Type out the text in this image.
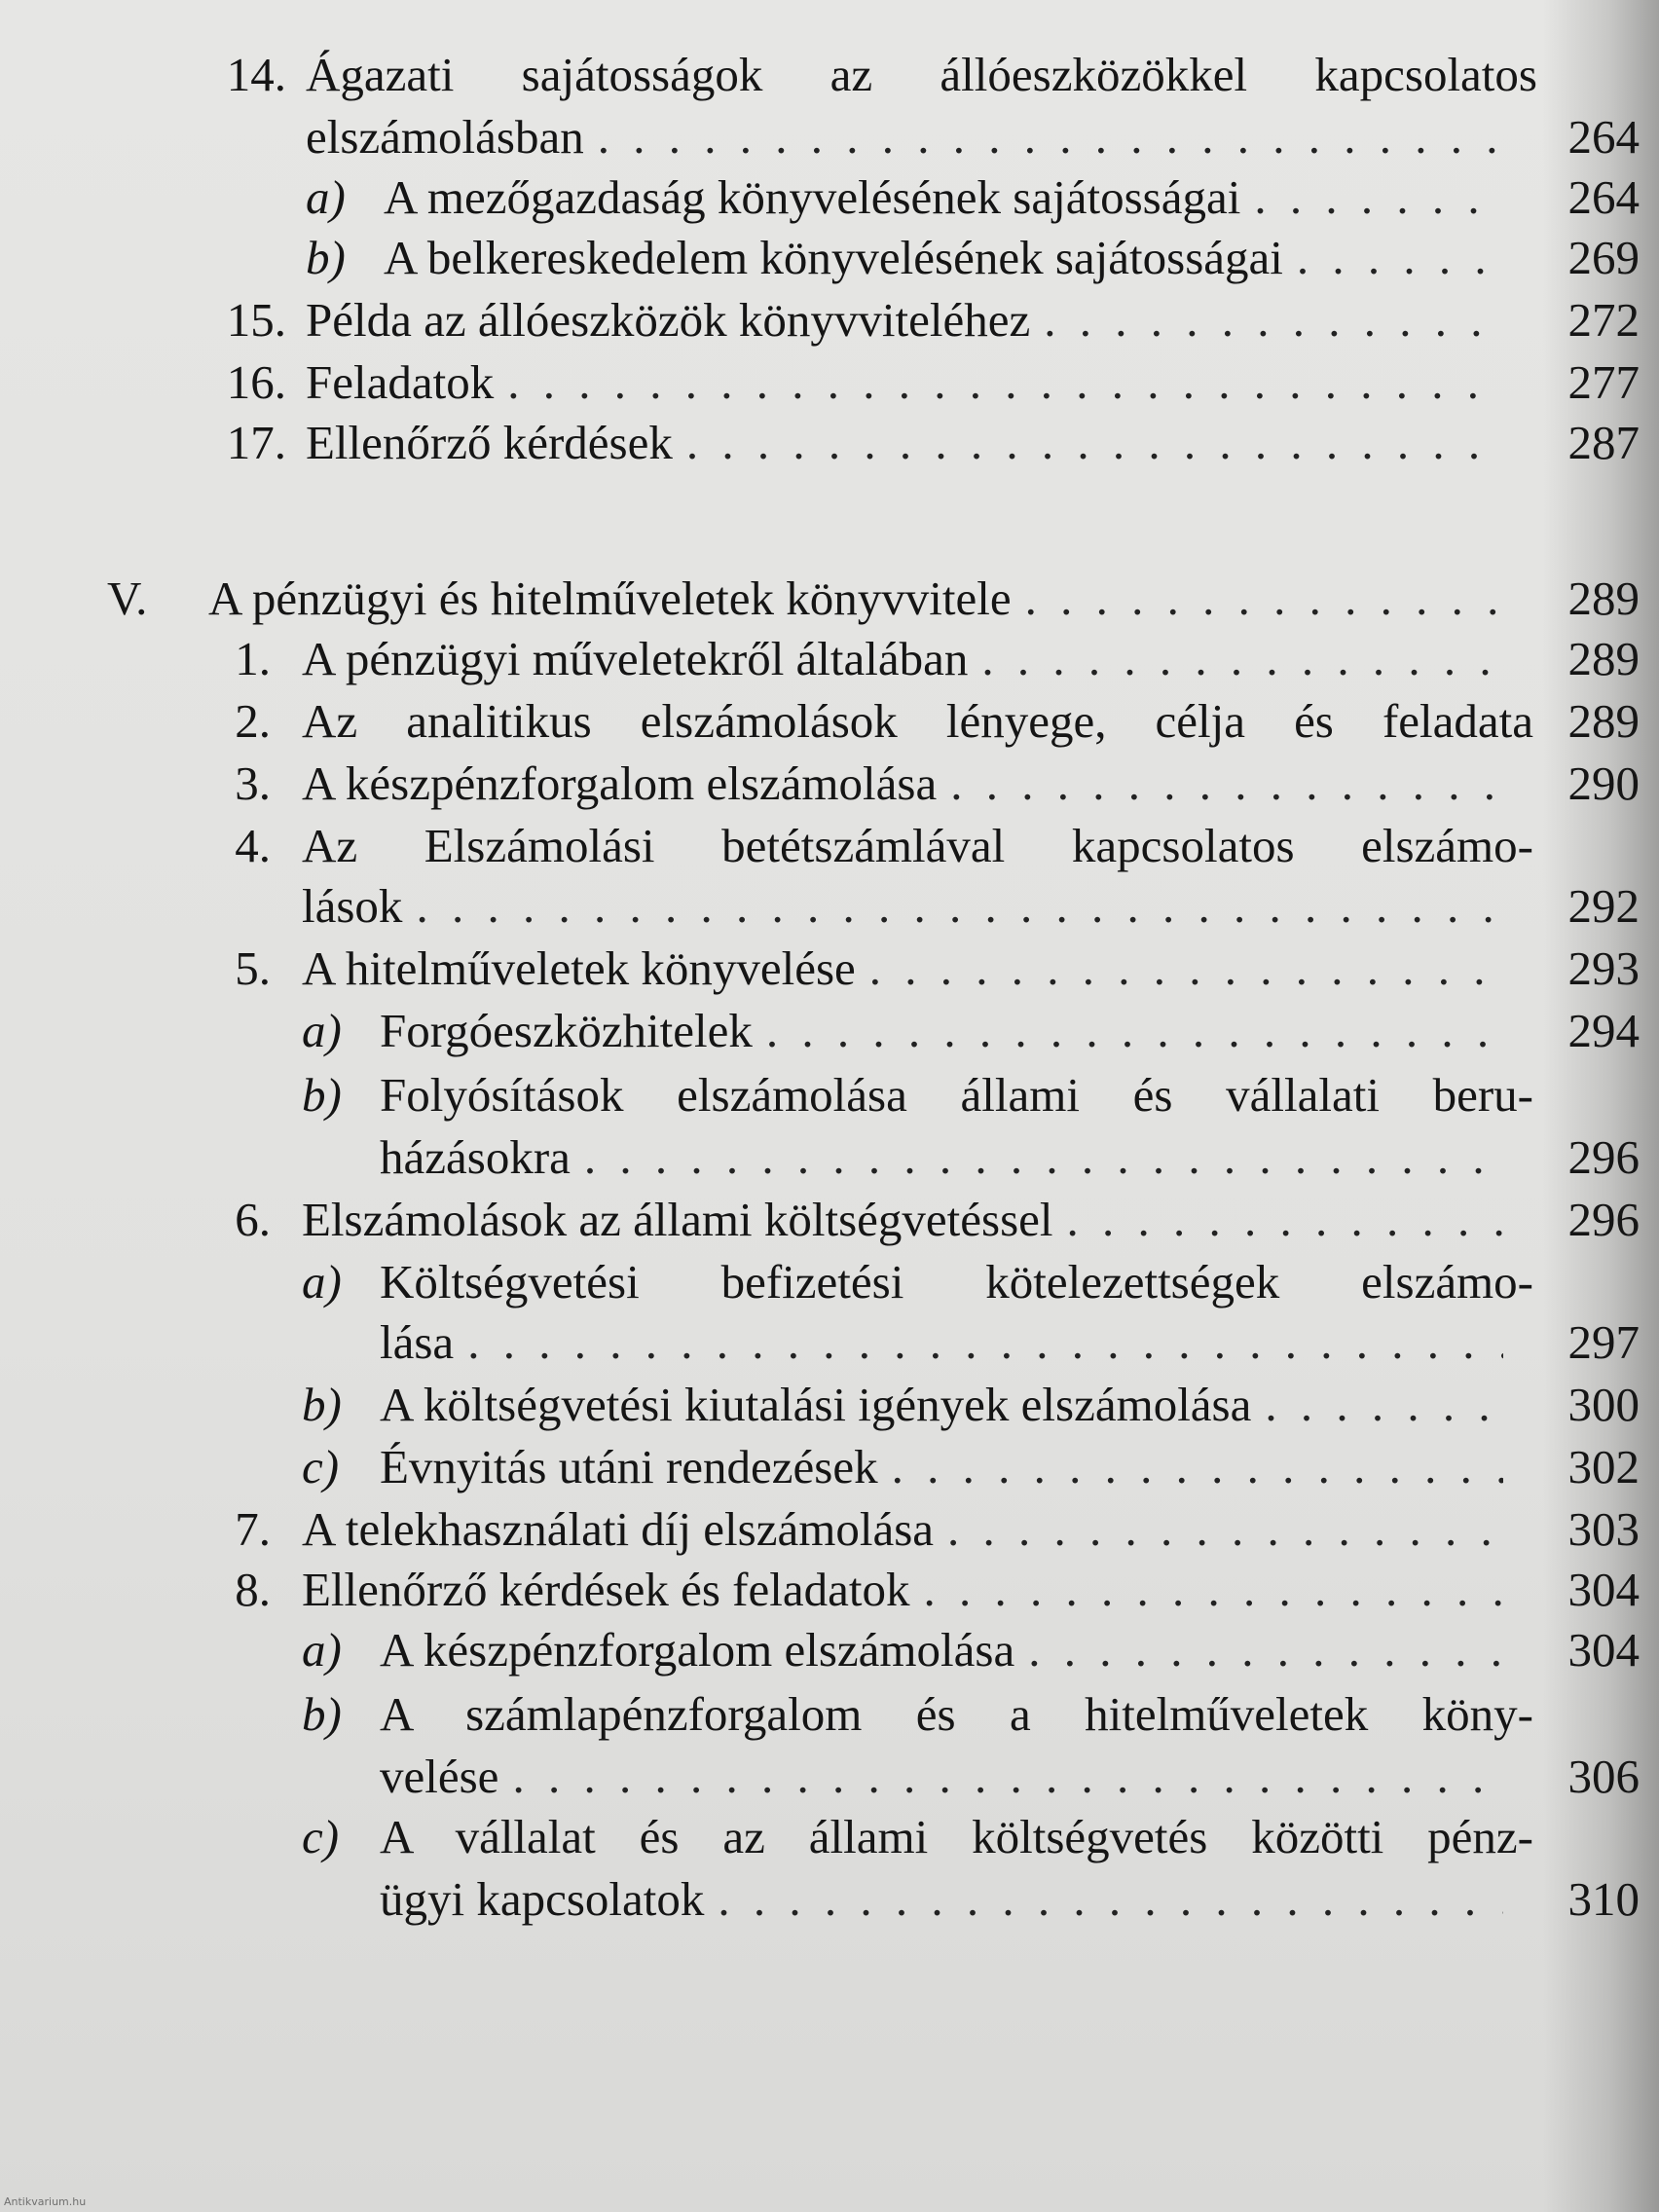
14. Ágazati sajátosságok az állóeszközökkel kapcsolatos
elszámolásban . . .	264
a) A mezőgazdaság könyvelésének sajátosságai . . .	264
b) A belkereskedelem könyvelésének sajátosságai . . .	269
15. Példa az állóeszközök könyvviteléhez . . .	272
16. Feladatok . . .	277
17. Ellenőrző kérdések . . .	287
V.	A pénzügyi és hitelműveletek könyvvitele . . .	289
1. A pénzügyi műveletekről általában . . .	289
2. Az analitikus elszámolások lényege, célja és feladata 289
3. A készpénzforgalom elszámolása . . .	290
4. Az Elszámolási betétszámlával kapcsolatos elszámo-
lások . . .	292
5. A hitelműveletek könyvelése . . .	293
a) Forgóeszközhitelek . . .	294
b) Folyósítások elszámolása állami és vállalati beru-
házásokra . . .	296
6. Elszámolások az állami költségvetéssel . . .	296
a) Költségvetési befizetési kötelezettségek elszámo-
lása . . .	297
b) A költségvetési kiutalási igények elszámolása . . .	300
c) Évnyitás utáni rendezések . . .	302
7. A telekhasználati díj elszámolása . . .	303
8. Ellenőrző kérdések és feladatok . . .	304
a) A készpénzforgalom elszámolása . . .	304
b) A számlapénzforgalom és a hitelműveletek köny-
velése . . .	306
c) A vállalat és az állami költségvetés közötti pénz-
ügyi kapcsolatok . . .	310
Antikvarium.hu
